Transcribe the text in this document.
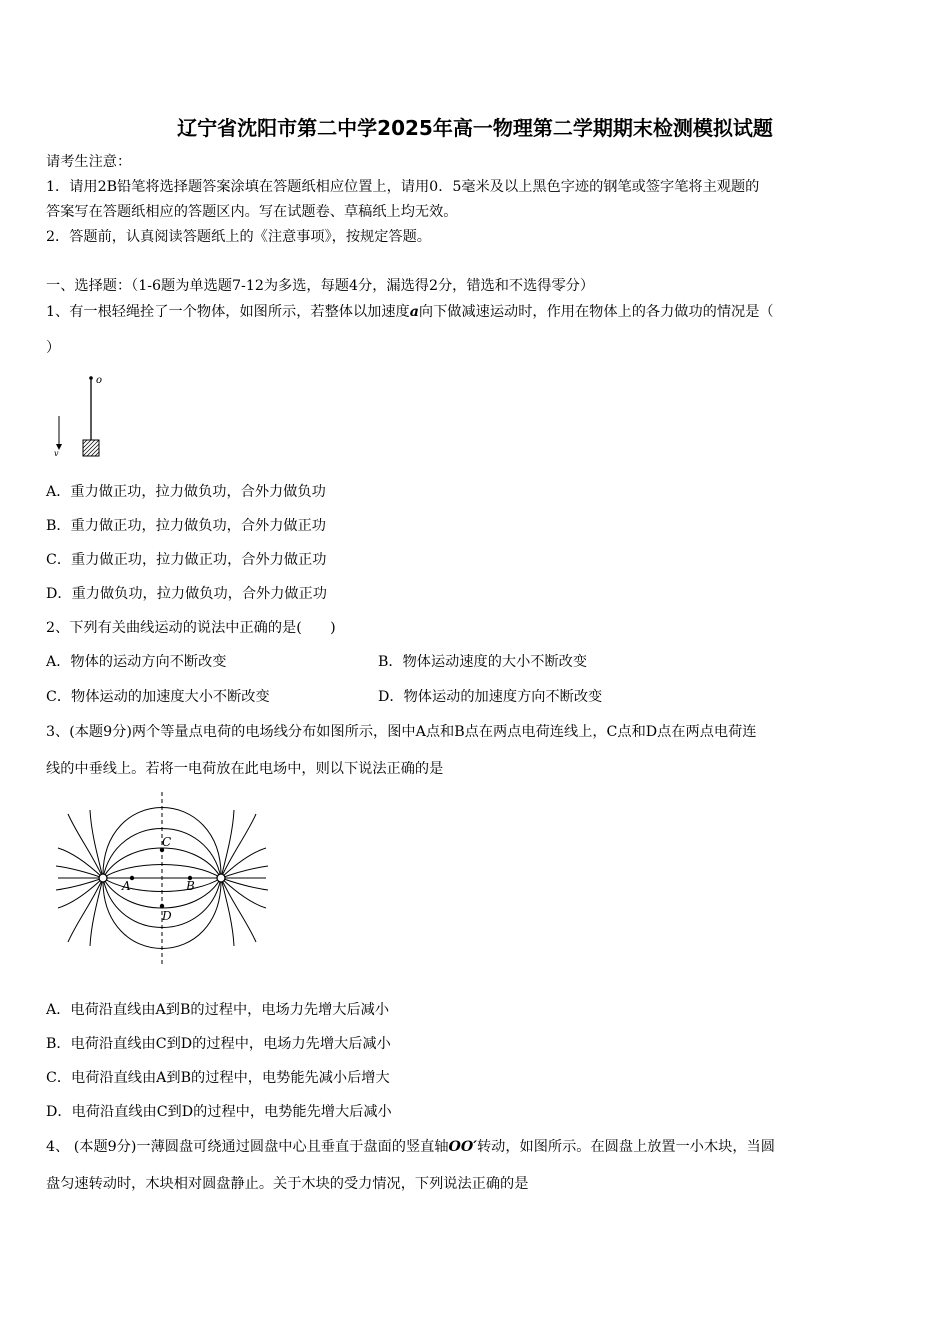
辽宁省沈阳市第二中学2025年高一物理第二学期期末检测模拟试题
请考生注意：
1．请用2B铅笔将选择题答案涂填在答题纸相应位置上，请用0．5毫米及以上黑色字迹的钢笔或签字笔将主观题的
答案写在答题纸相应的答题区内。写在试题卷、草稿纸上均无效。
2．答题前，认真阅读答题纸上的《注意事项》，按规定答题。
一、选择题：（1-6题为单选题7-12为多选，每题4分，漏选得2分，错选和不选得零分）
1、有一根轻绳拴了一个物体，如图所示，若整体以加速度a向下做减速运动时，作用在物体上的各力做功的情况是（
）
o
v
A．重力做正功，拉力做负功，合外力做负功
B．重力做正功，拉力做负功，合外力做正功
C．重力做正功，拉力做正功，合外力做正功
D．重力做负功，拉力做负功，合外力做正功
2、下列有关曲线运动的说法中正确的是(　　)
A．物体的运动方向不断改变	B．物体运动速度的大小不断改变
C．物体运动的加速度大小不断改变	D．物体运动的加速度方向不断改变
3、(本题9分)两个等量点电荷的电场线分布如图所示，图中A点和B点在两点电荷连线上，C点和D点在两点电荷连
线的中垂线上。若将一电荷放在此电场中，则以下说法正确的是
A	B
C
D
A．电荷沿直线由A到B的过程中，电场力先增大后减小
B．电荷沿直线由C到D的过程中，电场力先增大后减小
C．电荷沿直线由A到B的过程中，电势能先减小后增大
D．电荷沿直线由C到D的过程中，电势能先增大后减小
4、 (本题9分)一薄圆盘可绕通过圆盘中心且垂直于盘面的竖直轴OO′转动，如图所示。在圆盘上放置一小木块，当圆
盘匀速转动时，木块相对圆盘静止。关于木块的受力情况，下列说法正确的是
